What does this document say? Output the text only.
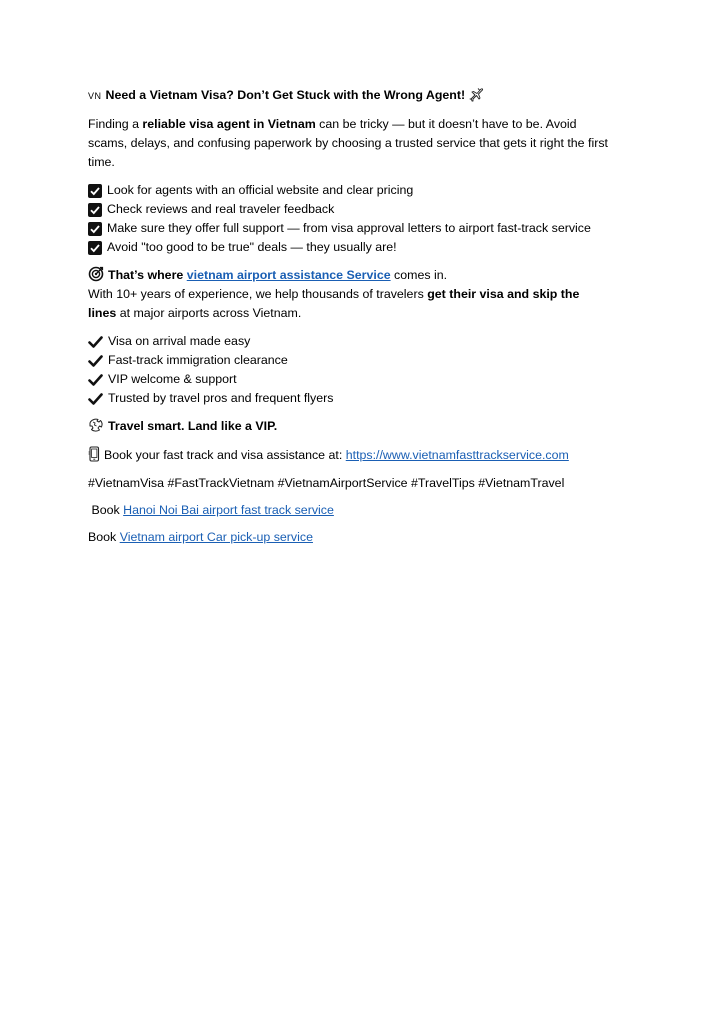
VN Need a Vietnam Visa? Don’t Get Stuck with the Wrong Agent!

Finding a reliable visa agent in Vietnam can be tricky — but it doesn’t have to be. Avoid scams, delays, and confusing paperwork by choosing a trusted service that gets it right the first time.

Look for agents with an official website and clear pricing
Check reviews and real traveler feedback
Make sure they offer full support — from visa approval letters to airport fast-track service
Avoid "too good to be true" deals — they usually are!

That’s where vietnam airport assistance Service comes in.
With 10+ years of experience, we help thousands of travelers get their visa and skip the lines at major airports across Vietnam.

Visa on arrival made easy
Fast-track immigration clearance
VIP welcome & support
Trusted by travel pros and frequent flyers

Travel smart. Land like a VIP.

Book your fast track and visa assistance at: https://www.vietnamfasttrackservice.com

#VietnamVisa #FastTrackVietnam #VietnamAirportService #TravelTips #VietnamTravel

Book Hanoi Noi Bai airport fast track service

Book Vietnam airport Car pick-up service
